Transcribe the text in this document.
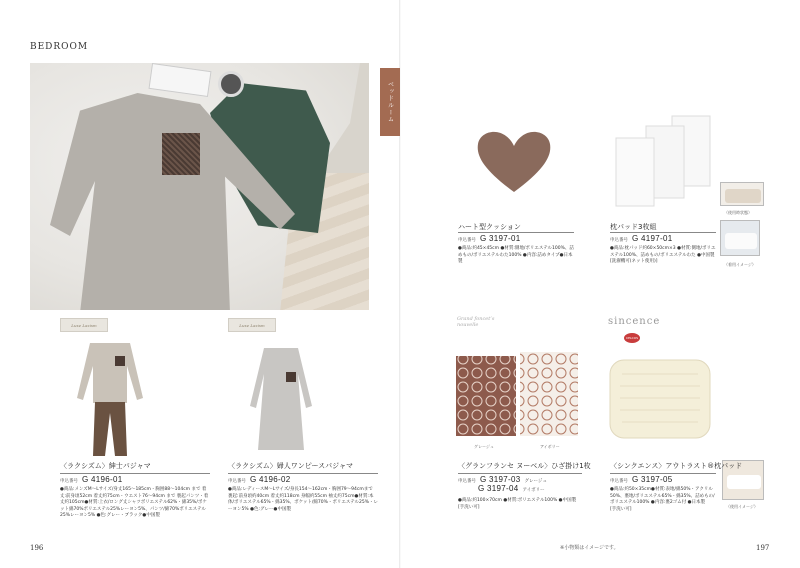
BEDROOM
Luxe Lazism
〈ラクシズム〉紳士パジャマ
申込番号 G 4196-01
●商品:メンズM～Lサイズ/身丈165～185cm・胸囲88～104cm まで 着丈:前身頃52cm 着丈約75cm・ウエスト76～94cm まで 裏起パンツ・着丈約105cm●材質:上衣/ロング丈シャツボリエステル62%・綿35%/ポケット綿70%ポリエステル25%レーヨン5%、パンツ/綿70%ポリエステル25%レーヨン5% ●色:グレー・ブラック●中国製
Luxe Lazism
〈ラクシズム〉婦人ワンピースパジャマ
申込番号 G 4196-02
●商品:レディースM～Lサイズ/身長154～162cm・胸囲79～94cmまで 裏起:前身頃約40cm 着丈約118cm 身幅約55cm 袖丈約75cm●材質:本体/ポリエステル65%・綿35%、ポケット/綿70%・ポリエステル25%・レーヨン5% ●色:グレー●中国製
ベッドルーム
ハート型クッション
申込番号 G 3197-01
●商品:約45×45cm ●材質:側地/ポリエステル100%、詰めもの/ポリエステルわた100% ●内容:詰めタイプ●日本製
（使用時状態）
（着用イメージ）
枕パッド3枚組
申込番号 G 4197-01
●商品:枕パッド約60×50cm×3 ●材質:側地/ポリエステル100%、詰めもの/ポリエステルわた ●中国製 [洗濯機可(ネット使用)]
Grand foncet’s
nouvelle
グレージュ	アイボリー
〈グランフランセ ヌーベル〉ひざ掛け1枚
申込番号 G 3197-03 グレージュ
G 3197-04 アイボリー
●商品:約100×70cm ●材質:ポリエステル100% ●中国製
[手洗い可]
sincence
CELCOS
（使用イメージ）
〈シンクエンス〉アウトラスト®枕パッド
申込番号 G 3197-05
●商品:約50×35cm●材質:表地/綿50%・アクリル50%、裏地/ポリエステル65%・綿35%、詰めもの/ポリエステル100% ●内容:裏2ゴム付 ●日本製
[手洗い可]
196	※小物類はイメージです。	197
